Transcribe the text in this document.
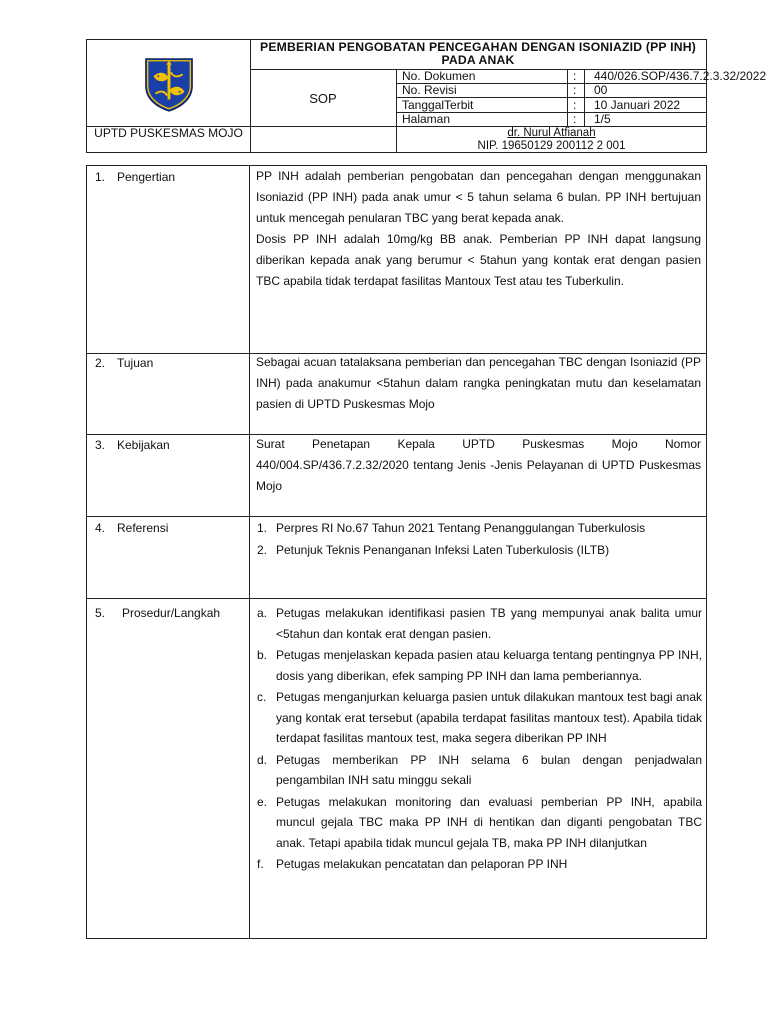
PEMBERIAN PENGOBATAN PENCEGAHAN DENGAN ISONIAZID (PP INH) PADA ANAK
SOP
No. Dokumen	: 440/026.SOP/436.7.2.3.32/2022
No. Revisi	: 00
TanggalTerbit	: 10 Januari 2022
Halaman	: 1/5
UPTD PUSKESMAS MOJO	dr. Nurul Atfianah
NIP. 19650129 200112 2 001
1. Pengertian	PP INH adalah pemberian pengobatan dan pencegahan dengan menggunakan Isoniazid (PP INH) pada anak umur < 5 tahun selama 6 bulan. PP INH bertujuan untuk mencegah penularan TBC yang berat kepada anak.

Dosis PP INH adalah 10mg/kg BB anak. Pemberian PP INH dapat langsung diberikan kepada anak yang berumur < 5tahun yang kontak erat dengan pasien TBC apabila tidak terdapat fasilitas Mantoux Test atau tes Tuberkulin.

2. Tujuan	Sebagai acuan tatalaksana pemberian dan pencegahan TBC dengan Isoniazid (PP INH) pada anakumur <5tahun dalam rangka peningkatan mutu dan keselamatan pasien di UPTD Puskesmas Mojo

3. Kebijakan	Surat Penetapan Kepala UPTD Puskesmas Mojo Nomor 440/004.SP/436.7.2.32/2020 tentang Jenis -Jenis Pelayanan di UPTD Puskesmas Mojo

4. Referensi	1. Perpres RI No.67 Tahun 2021 Tentang Penanggulangan Tuberkulosis
2. Petunjuk Teknis Penanganan Infeksi Laten Tuberkulosis (ILTB)
5. Prosedur/Langkah	a. Petugas melakukan identifikasi pasien TB yang mempunyai anak balita umur <5tahun dan kontak erat dengan pasien.
b. Petugas menjelaskan kepada pasien atau keluarga tentang pentingnya PP INH, dosis yang diberikan, efek samping PP INH dan lama pemberiannya.
c. Petugas menganjurkan keluarga pasien untuk dilakukan mantoux test bagi anak yang kontak erat tersebut (apabila terdapat fasilitas mantoux test). Apabila tidak terdapat fasilitas mantoux test, maka segera diberikan PP INH
d. Petugas memberikan PP INH selama 6 bulan dengan penjadwalan pengambilan INH satu minggu sekali
e. Petugas melakukan monitoring dan evaluasi pemberian PP INH, apabila muncul gejala TBC maka PP INH di hentikan dan diganti pengobatan TBC anak. Tetapi apabila tidak muncul gejala TB, maka PP INH dilanjutkan
f. Petugas melakukan pencatatan dan pelaporan PP INH
